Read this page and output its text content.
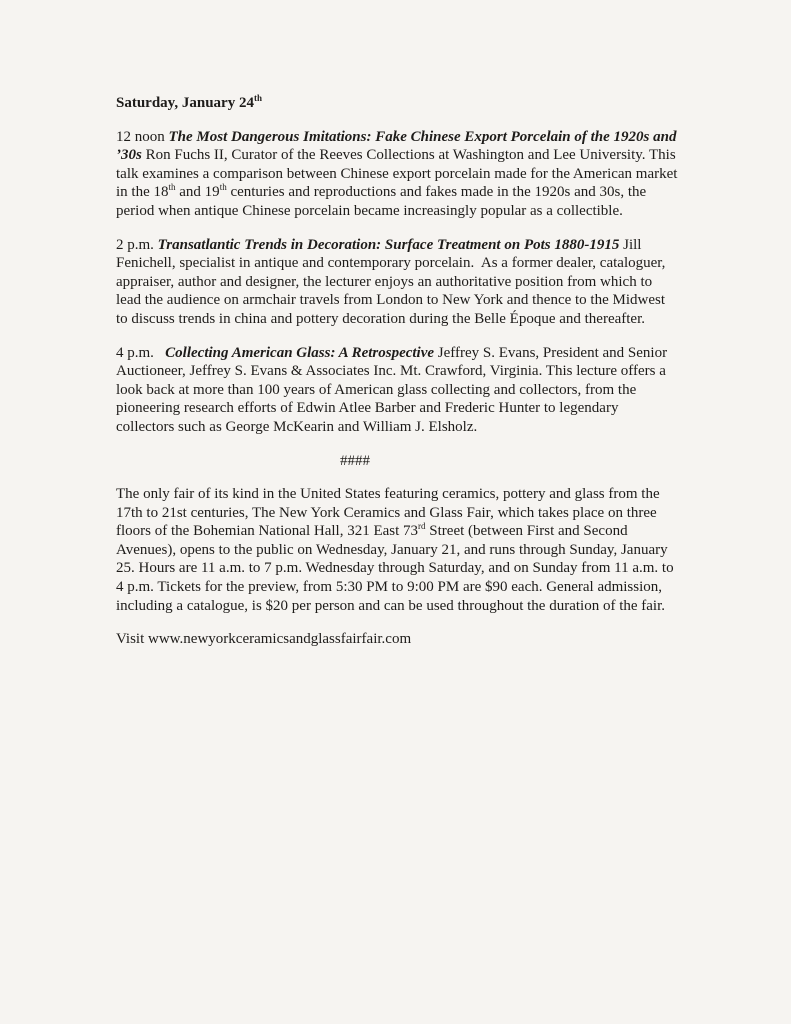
Saturday, January 24th

12 noon The Most Dangerous Imitations: Fake Chinese Export Porcelain of the 1920s and ’30s Ron Fuchs II, Curator of the Reeves Collections at Washington and Lee University. This talk examines a comparison between Chinese export porcelain made for the American market in the 18th and 19th centuries and reproductions and fakes made in the 1920s and 30s, the period when antique Chinese porcelain became increasingly popular as a collectible.

2 p.m. Transatlantic Trends in Decoration: Surface Treatment on Pots 1880-1915 Jill Fenichell, specialist in antique and contemporary porcelain.  As a former dealer, cataloguer, appraiser, author and designer, the lecturer enjoys an authoritative position from which to lead the audience on armchair travels from London to New York and thence to the Midwest to discuss trends in china and pottery decoration during the Belle Époque and thereafter.

4 p.m.   Collecting American Glass: A Retrospective Jeffrey S. Evans, President and Senior Auctioneer, Jeffrey S. Evans & Associates Inc. Mt. Crawford, Virginia. This lecture offers a look back at more than 100 years of American glass collecting and collectors, from the pioneering research efforts of Edwin Atlee Barber and Frederic Hunter to legendary collectors such as George McKearin and William J. Elsholz.

####

The only fair of its kind in the United States featuring ceramics, pottery and glass from the 17th to 21st centuries, The New York Ceramics and Glass Fair, which takes place on three floors of the Bohemian National Hall, 321 East 73rd Street (between First and Second Avenues), opens to the public on Wednesday, January 21, and runs through Sunday, January 25. Hours are 11 a.m. to 7 p.m. Wednesday through Saturday, and on Sunday from 11 a.m. to 4 p.m. Tickets for the preview, from 5:30 PM to 9:00 PM are $90 each. General admission, including a catalogue, is $20 per person and can be used throughout the duration of the fair.

Visit www.newyorkceramicsandglassfairfair.com
